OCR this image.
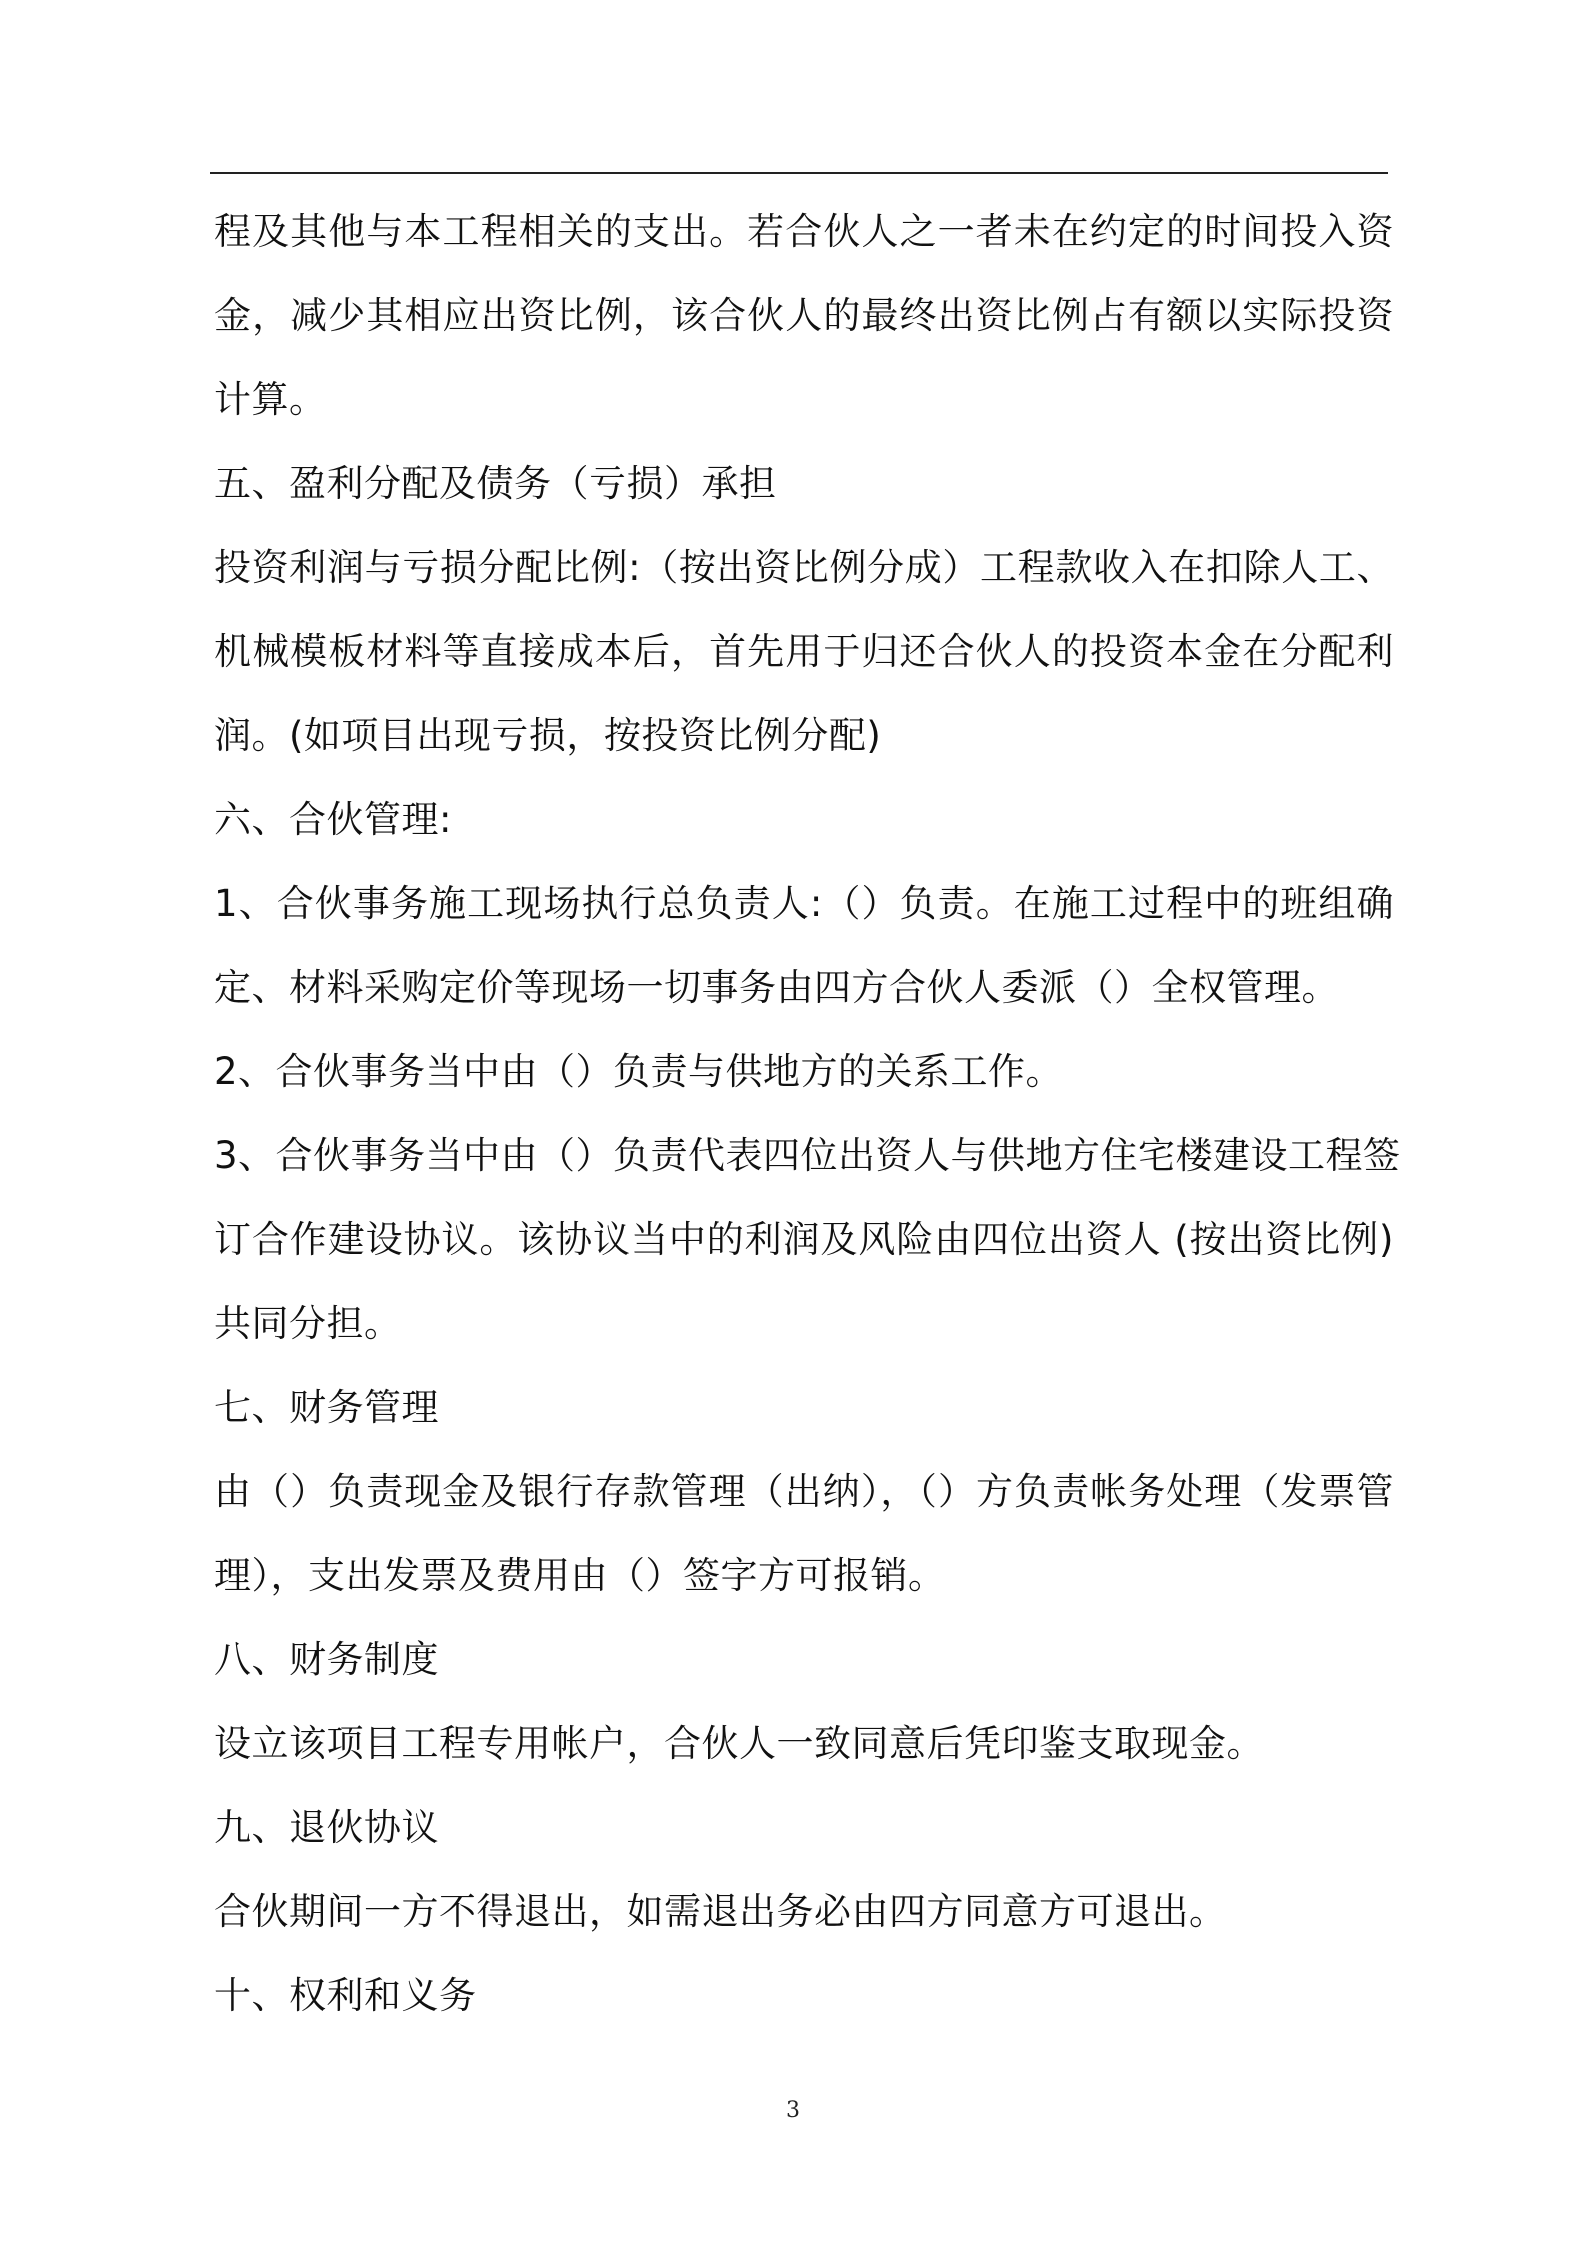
程及其他与本工程相关的支出。若合伙人之一者未在约定的时间投入资
金，减少其相应出资比例，该合伙人的最终出资比例占有额以实际投资
计算。
五、盈利分配及债务（亏损）承担
投资利润与亏损分配比例:（按出资比例分成）工程款收入在扣除人工、
机械模板材料等直接成本后，首先用于归还合伙人的投资本金在分配利
润。(如项目出现亏损，按投资比例分配)
六、合伙管理:
1、合伙事务施工现场执行总负责人:（）负责。在施工过程中的班组确
定、材料采购定价等现场一切事务由四方合伙人委派（）全权管理。
2、合伙事务当中由（）负责与供地方的关系工作。
3、合伙事务当中由（）负责代表四位出资人与供地方住宅楼建设工程签
订合作建设协议。该协议当中的利润及风险由四位出资人 (按出资比例)
共同分担。
七、财务管理
由（）负责现金及银行存款管理（出纳），（）方负责帐务处理（发票管
理），支出发票及费用由（）签字方可报销。
八、财务制度
设立该项目工程专用帐户，合伙人一致同意后凭印鉴支取现金。
九、退伙协议
合伙期间一方不得退出，如需退出务必由四方同意方可退出。
十、权利和义务
3
